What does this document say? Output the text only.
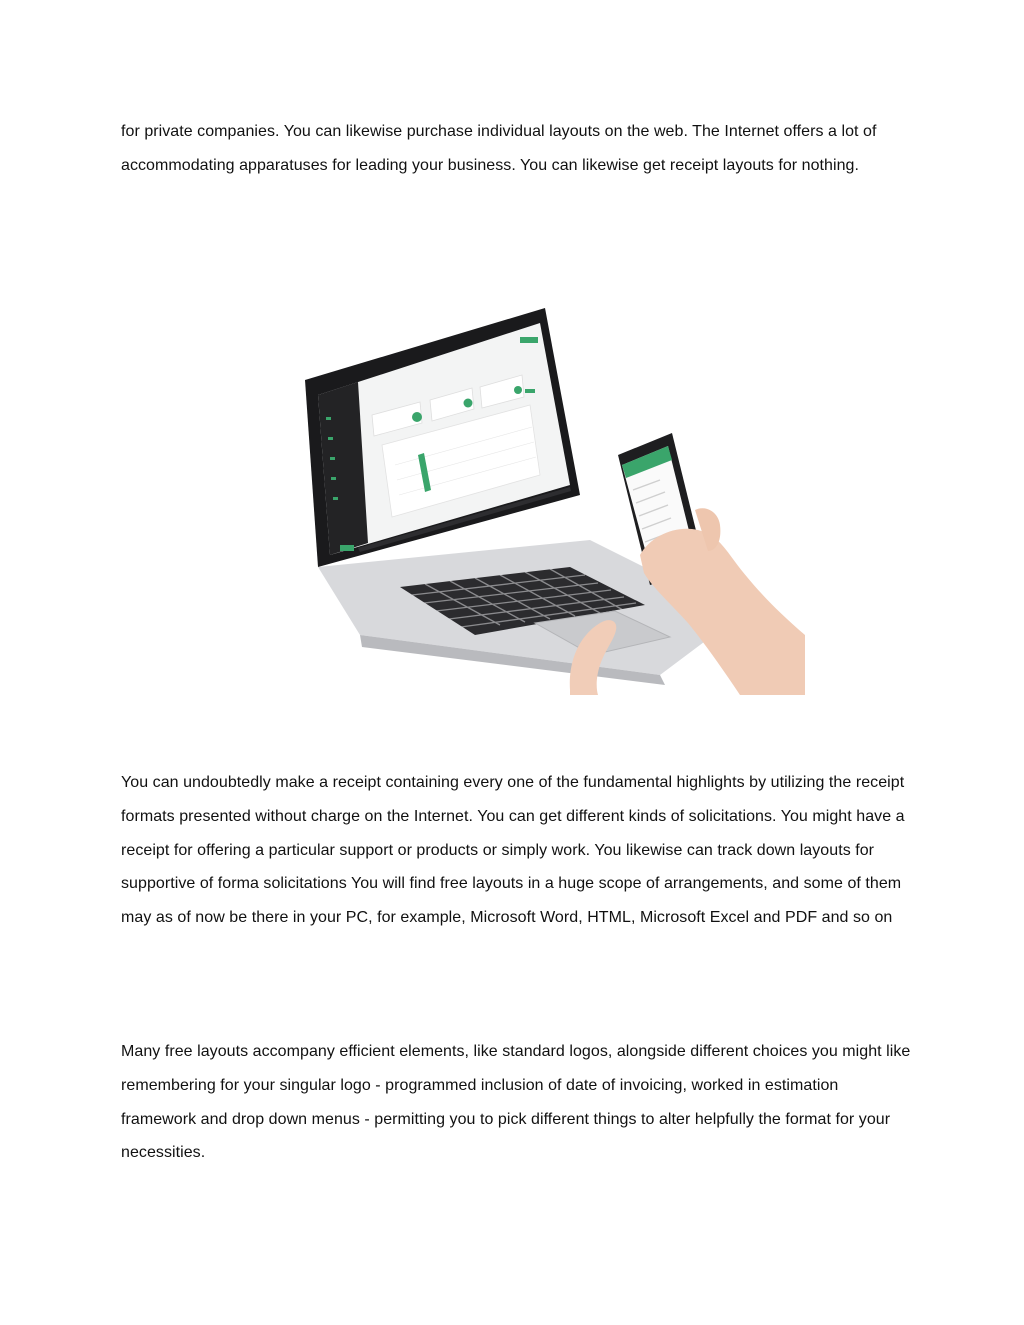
for private companies. You can likewise purchase individual layouts on the web. The Internet offers a lot of accommodating apparatuses for leading your business. You can likewise get receipt layouts for nothing.

You can undoubtedly make a receipt containing every one of the fundamental highlights by utilizing the receipt formats presented without charge on the Internet. You can get different kinds of solicitations. You might have a receipt for offering a particular support or products or simply work. You likewise can track down layouts for supportive of forma solicitations You will find free layouts in a huge scope of arrangements, and some of them may as of now be there in your PC, for example, Microsoft Word, HTML, Microsoft Excel and PDF and so on

Many free layouts accompany efficient elements, like standard logos, alongside different choices you might like remembering for your singular logo - programmed inclusion of date of invoicing, worked in estimation framework and drop down menus - permitting you to pick different things to alter helpfully the format for your necessities.
